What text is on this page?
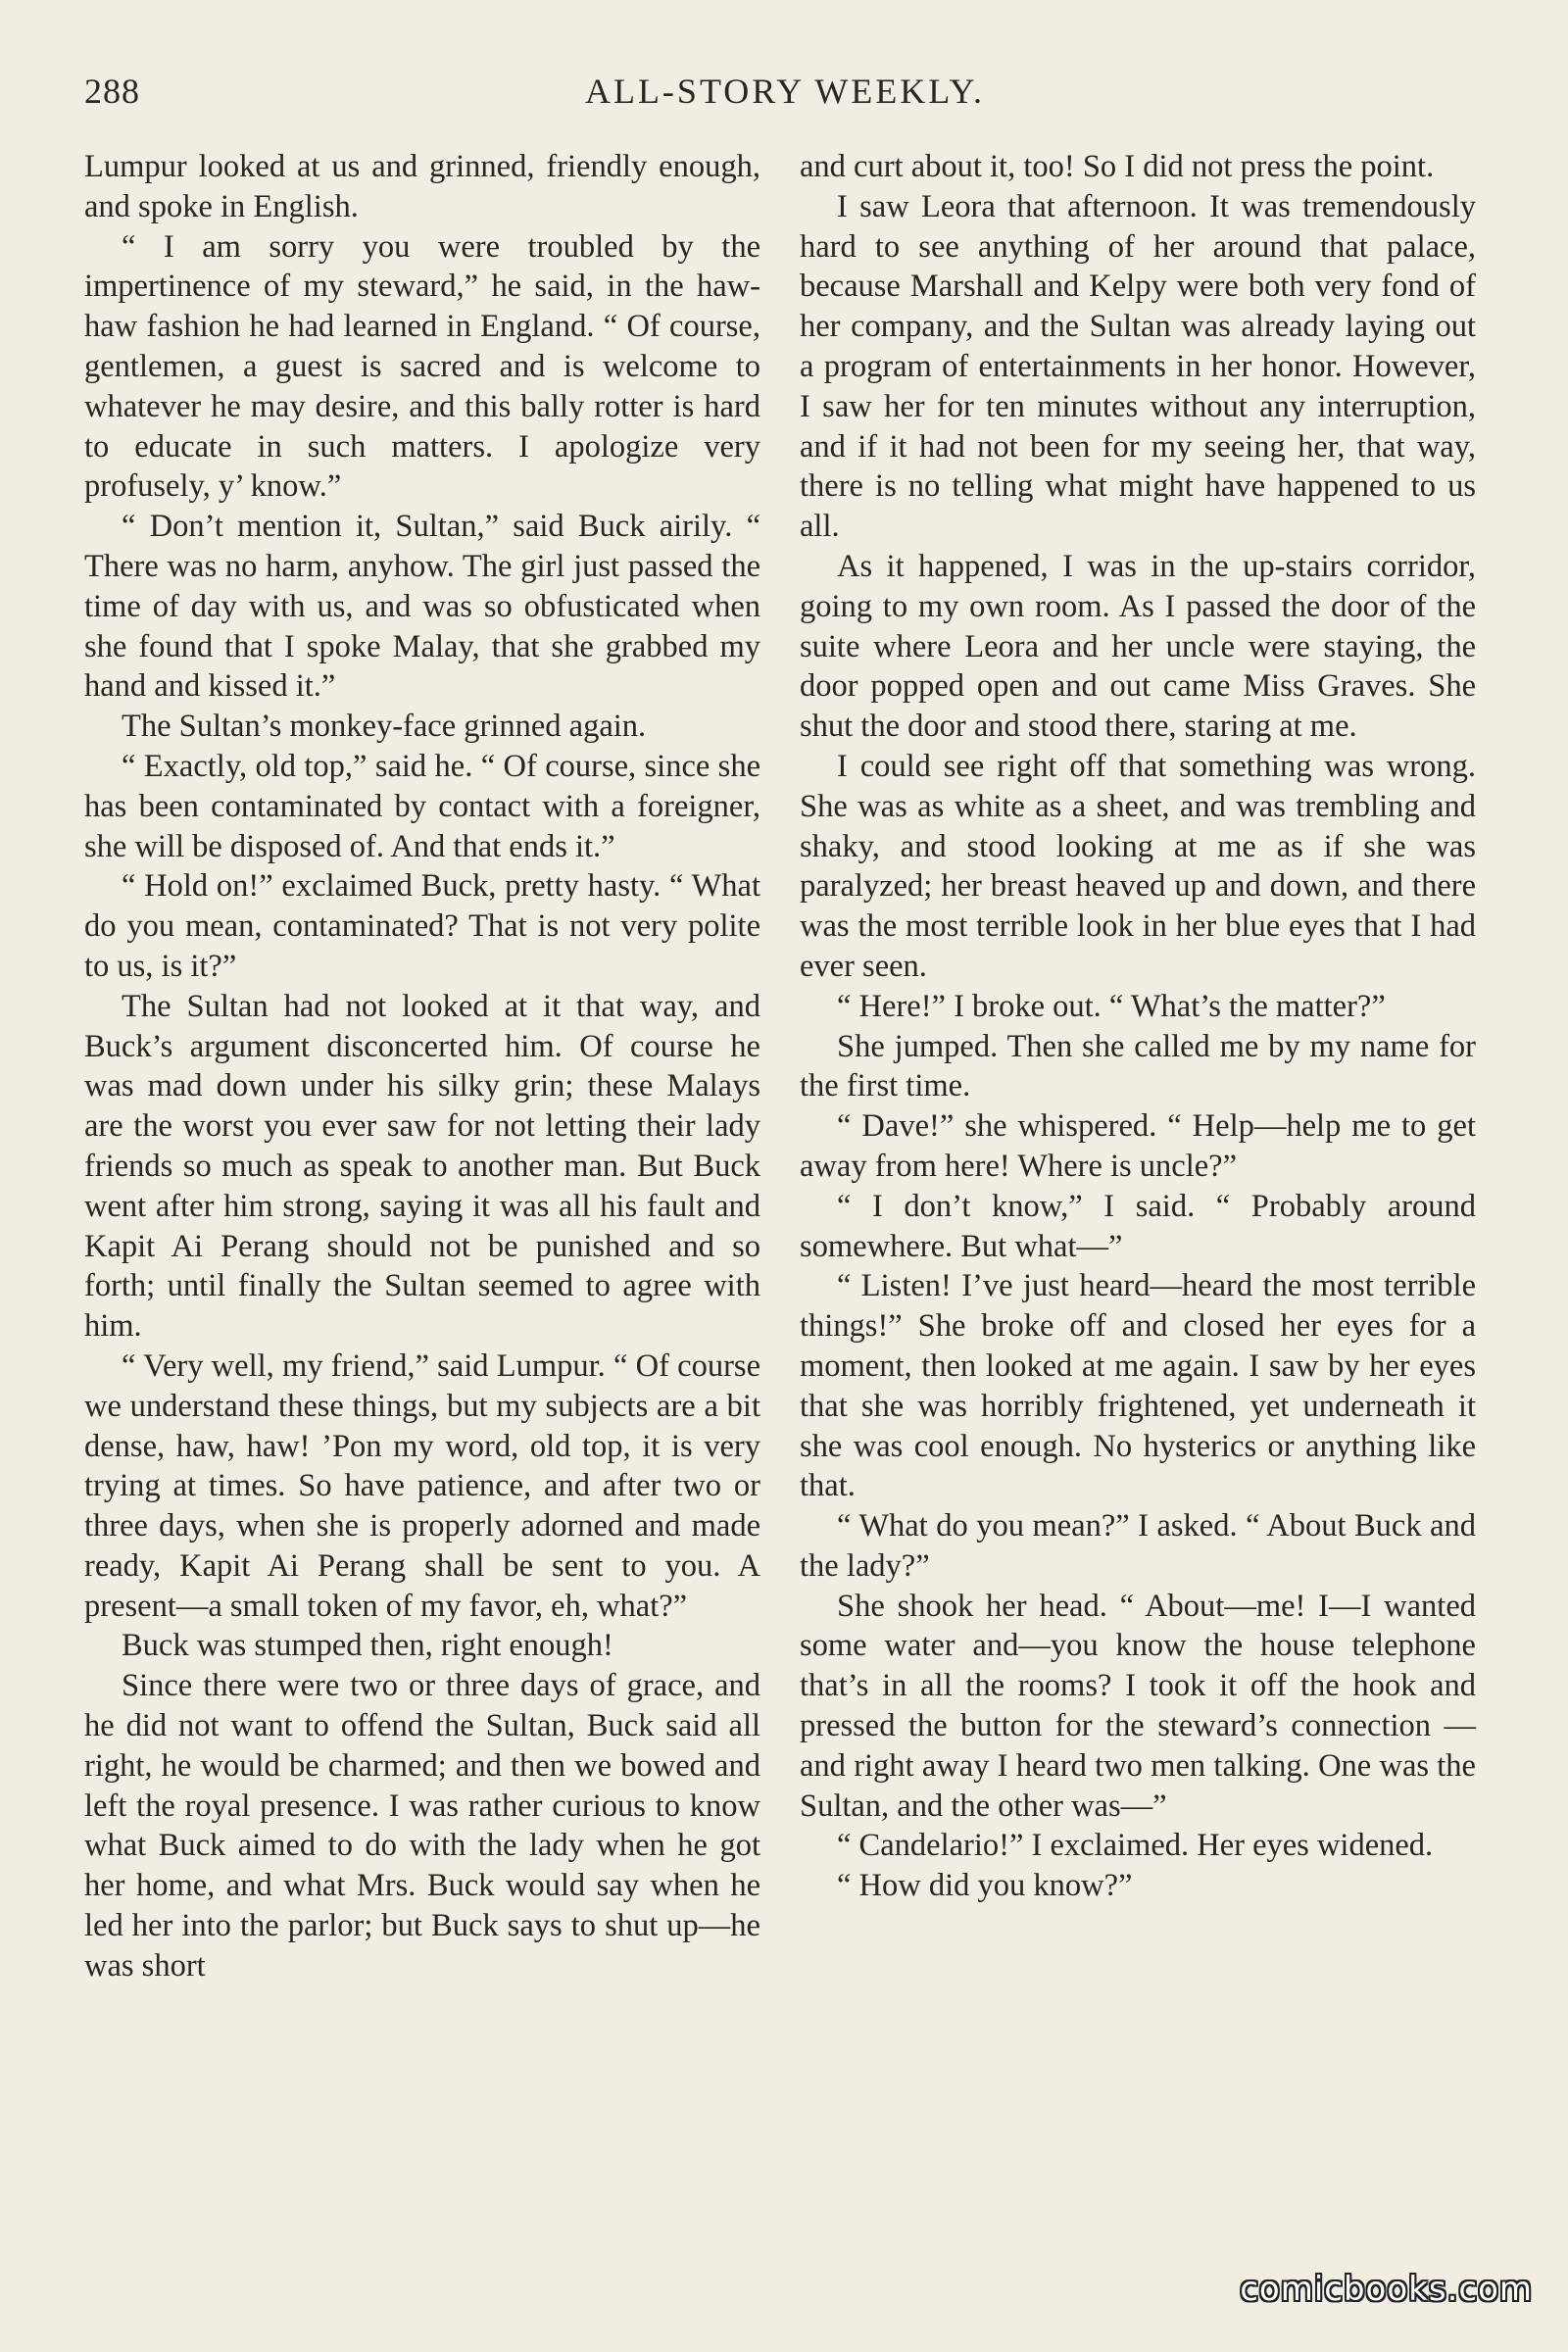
288	ALL-STORY WEEKLY.

Lumpur looked at us and grinned, friendly enough, and spoke in English.

“ I am sorry you were troubled by the impertinence of my steward,” he said, in the haw-haw fashion he had learned in England. “ Of course, gentlemen, a guest is sacred and is welcome to whatever he may desire, and this bally rotter is hard to educate in such matters. I apologize very profusely, y’ know.”

“ Don’t mention it, Sultan,” said Buck airily. “ There was no harm, anyhow. The girl just passed the time of day with us, and was so obfusticated when she found that I spoke Malay, that she grabbed my hand and kissed it.”

The Sultan’s monkey-face grinned again.

“ Exactly, old top,” said he. “ Of course, since she has been contaminated by contact with a foreigner, she will be disposed of. And that ends it.”

“ Hold on!” exclaimed Buck, pretty hasty. “ What do you mean, contaminated? That is not very polite to us, is it?”

The Sultan had not looked at it that way, and Buck’s argument disconcerted him. Of course he was mad down under his silky grin; these Malays are the worst you ever saw for not letting their lady friends so much as speak to another man. But Buck went after him strong, saying it was all his fault and Kapit Ai Perang should not be punished and so forth; until finally the Sultan seemed to agree with him.

“ Very well, my friend,” said Lumpur. “ Of course we understand these things, but my subjects are a bit dense, haw, haw! ’Pon my word, old top, it is very trying at times. So have patience, and after two or three days, when she is properly adorned and made ready, Kapit Ai Perang shall be sent to you. A present—a small token of my favor, eh, what?”

Buck was stumped then, right enough!

Since there were two or three days of grace, and he did not want to offend the Sultan, Buck said all right, he would be charmed; and then we bowed and left the royal presence. I was rather curious to know what Buck aimed to do with the lady when he got her home, and what Mrs. Buck would say when he led her into the parlor; but Buck says to shut up—he was short

and curt about it, too! So I did not press the point.

I saw Leora that afternoon. It was tremendously hard to see anything of her around that palace, because Marshall and Kelpy were both very fond of her company, and the Sultan was already laying out a program of entertainments in her honor. However, I saw her for ten minutes without any interruption, and if it had not been for my seeing her, that way, there is no telling what might have happened to us all.

As it happened, I was in the up-stairs corridor, going to my own room. As I passed the door of the suite where Leora and her uncle were staying, the door popped open and out came Miss Graves. She shut the door and stood there, staring at me.

I could see right off that something was wrong. She was as white as a sheet, and was trembling and shaky, and stood looking at me as if she was paralyzed; her breast heaved up and down, and there was the most terrible look in her blue eyes that I had ever seen.

“ Here!” I broke out. “ What’s the matter?”

She jumped. Then she called me by my name for the first time.

“ Dave!” she whispered. “ Help—help me to get away from here! Where is uncle?”

“ I don’t know,” I said. “ Probably around somewhere. But what—”

“ Listen! I’ve just heard—heard the most terrible things!” She broke off and closed her eyes for a moment, then looked at me again. I saw by her eyes that she was horribly frightened, yet underneath it she was cool enough. No hysterics or anything like that.

“ What do you mean?” I asked. “ About Buck and the lady?”

She shook her head. “ About—me! I—I wanted some water and—you know the house telephone that’s in all the rooms? I took it off the hook and pressed the button for the steward’s connection — and right away I heard two men talking. One was the Sultan, and the other was—”

“ Candelario!” I exclaimed. Her eyes widened.

“ How did you know?”

comicbooks.com
